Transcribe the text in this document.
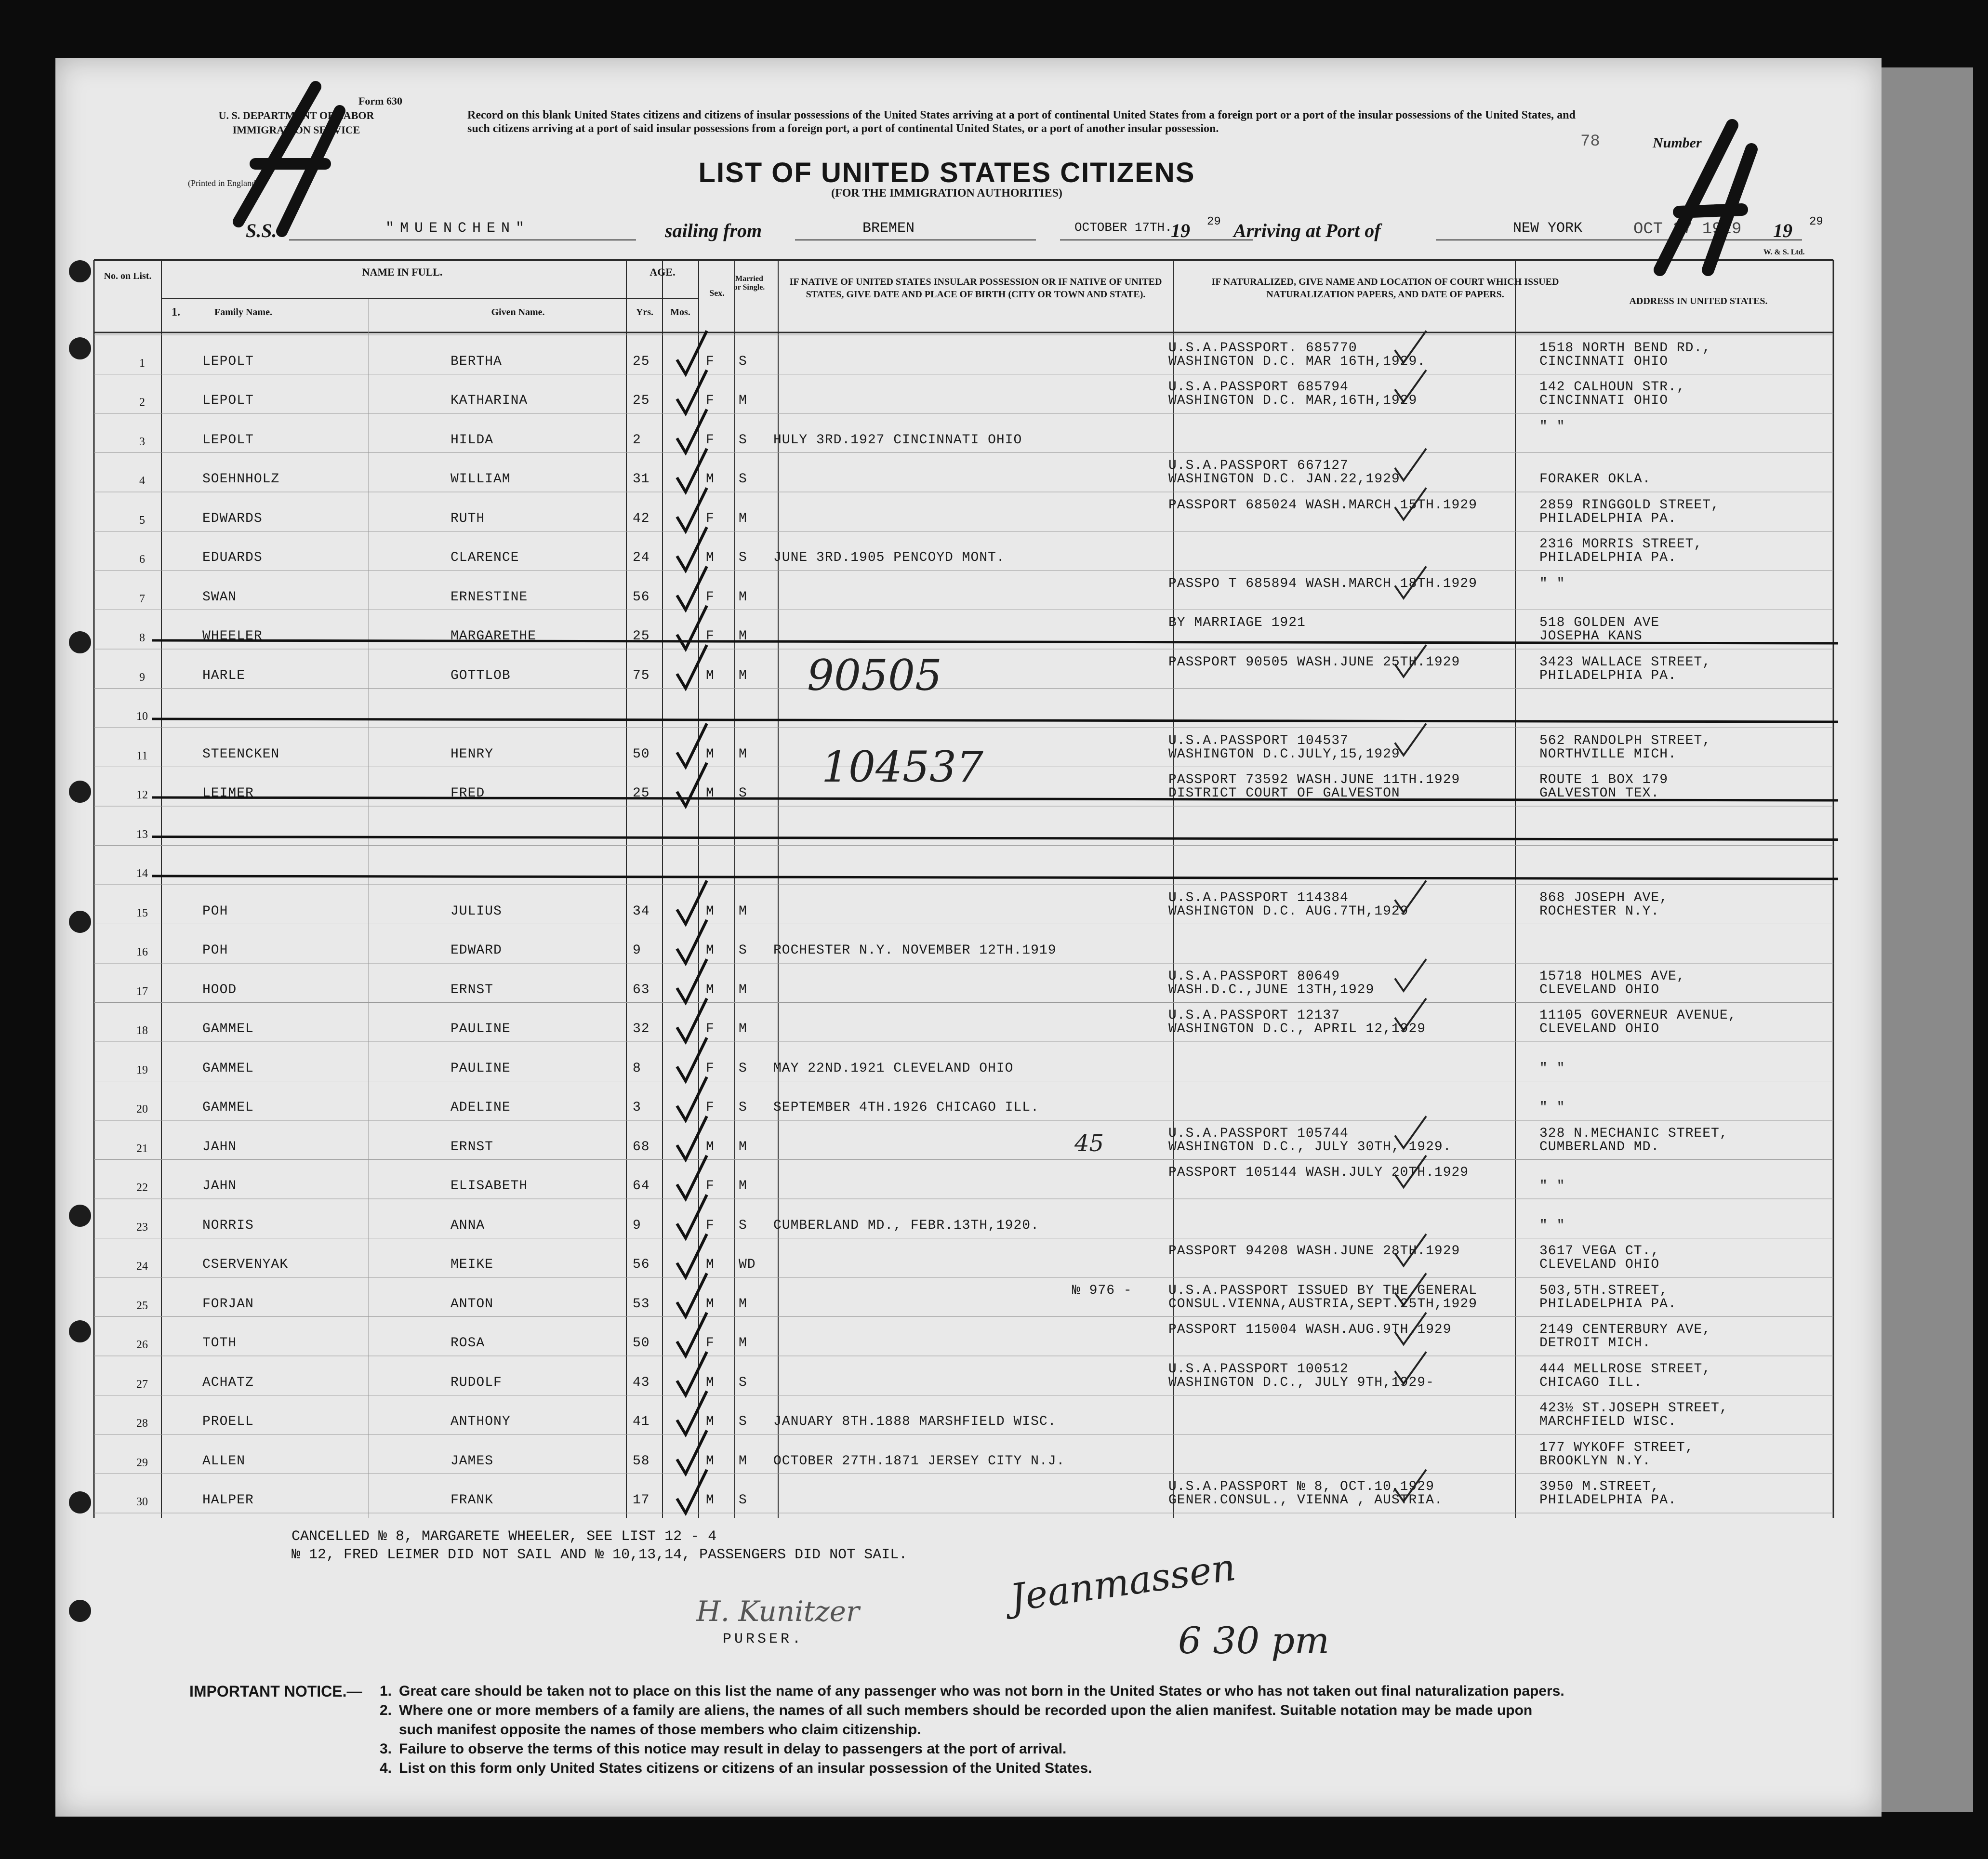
Form 630
U. S. DEPARTMENT OF LABOR
IMMIGRATION SERVICE
(Printed in England
Record on this blank United States citizens and citizens of insular possessions of the United States arriving at a port of continental United States from a foreign port or a port of the insular possessions of the United States, and such citizens arriving at a port of said insular possessions from a foreign port, a port of continental United States, or a port of another insular possession.
LIST OF UNITED STATES CITIZENS
(FOR THE IMMIGRATION AUTHORITIES)
78	Number
S.S.	"MUENCHEN"	sailing from	BREMEN	OCTOBER 17TH.
19 29 Arriving at Port of	NEW YORK	OCT 27 1929 19 29
W. & S. Ltd.
No. on List.	NAME IN FULL.
1.	Family Name.	Given Name.
AGE.
Yrs.	Mos.
Sex.
Married or Single.
IF NATIVE OF UNITED STATES INSULAR POSSESSION OR IF NATIVE OF UNITED STATES, GIVE DATE AND PLACE OF BIRTH (CITY OR TOWN AND STATE).
IF NATURALIZED, GIVE NAME AND LOCATION OF COURT WHICH ISSUED NATURALIZATION PAPERS, AND DATE OF PAPERS.
ADDRESS IN UNITED STATES.
1	LEPOLT	BERTHA	25	F S
U.S.A.PASSPORT. 685770
WASHINGTON D.C. MAR 16TH,1929.
1518 NORTH BEND RD.,
CINCINNATI OHIO
2	LEPOLT	KATHARINA	25	F M
U.S.A.PASSPORT 685794
WASHINGTON D.C. MAR,16TH,1929
142 CALHOUN STR.,
CINCINNATI OHIO
3	LEPOLT	HILDA	2	F S HULY 3RD.1927 CINCINNATI OHIO
" "
4	SOEHNHOLZ	WILLIAM	31	M S
U.S.A.PASSPORT 667127
WASHINGTON D.C. JAN.22,1929	FORAKER OKLA.
5	EDWARDS	RUTH	42	F M
PASSPORT 685024 WASH.MARCH 15TH.1929	2859 RINGGOLD STREET,
PHILADELPHIA PA.
6	EDUARDS	CLARENCE	24	M S JUNE 3RD.1905 PENCOYD MONT.
2316 MORRIS STREET,
PHILADELPHIA PA.
7	SWAN	ERNESTINE	56	F M
PASSPO T 685894 WASH.MARCH 18TH.1929	" "
8	WHEELER	MARGARETHE	25	F M
BY MARRIAGE 1921	518 GOLDEN AVE
JOSEPHA KANS
9	HARLE	GOTTLOB	75	M M
PASSPORT 90505 WASH.JUNE 25TH.1929	3423 WALLACE STREET,
PHILADELPHIA PA.
10
11	STEENCKEN	HENRY	50	M M
U.S.A.PASSPORT 104537
WASHINGTON D.C.JULY,15,1929
562 RANDOLPH STREET,
NORTHVILLE MICH.
12	LEIMER	FRED	25	M S
PASSPORT 73592 WASH.JUNE 11TH.1929
DISTRICT COURT OF GALVESTON
ROUTE 1 BOX 179
GALVESTON TEX.
13
14
15	POH	JULIUS	34	M M
U.S.A.PASSPORT 114384
WASHINGTON D.C. AUG.7TH,1929
868 JOSEPH AVE,
ROCHESTER N.Y.
16	POH	EDWARD	9	M S ROCHESTER N.Y. NOVEMBER 12TH.1919
17	HOOD	ERNST	63	M M
U.S.A.PASSPORT 80649
WASH.D.C.,JUNE 13TH,1929
15718 HOLMES AVE,
CLEVELAND OHIO
18	GAMMEL	PAULINE	32	F M
U.S.A.PASSPORT 12137
WASHINGTON D.C., APRIL 12,1929
11105 GOVERNEUR AVENUE,
CLEVELAND OHIO
19	GAMMEL	PAULINE	8	F S MAY 22ND.1921 CLEVELAND OHIO	" "
20	GAMMEL	ADELINE	3	F S SEPTEMBER 4TH.1926 CHICAGO ILL.	" "
21	JAHN	ERNST	68	M M
U.S.A.PASSPORT 105744
WASHINGTON D.C., JULY 30TH, 1929.
328 N.MECHANIC STREET,
CUMBERLAND MD.
22	JAHN	ELISABETH	64	F M
PASSPORT 105144 WASH.JULY 20TH.1929
" "
23	NORRIS	ANNA	9	F S CUMBERLAND MD., FEBR.13TH,1920.	" "
24	CSERVENYAK	MEIKE	56	M WD
PASSPORT 94208 WASH.JUNE 28TH.1929	3617 VEGA CT.,
CLEVELAND OHIO
25	FORJAN	ANTON	53	M M
U.S.A.PASSPORT ISSUED BY THE GENERAL
CONSUL.VIENNA,AUSTRIA,SEPT.25TH,1929
№ 976 -	503,5TH.STREET,
PHILADELPHIA PA.
26	TOTH	ROSA	50	F M
PASSPORT 115004 WASH.AUG.9TH.1929	2149 CENTERBURY AVE,
DETROIT MICH.
27	ACHATZ	RUDOLF	43	M S
U.S.A.PASSPORT 100512
WASHINGTON D.C., JULY 9TH,1929-
444 MELLROSE STREET,
CHICAGO ILL.
28	PROELL	ANTHONY	41	M S JANUARY 8TH.1888 MARSHFIELD WISC.
423½ ST.JOSEPH STREET,
MARCHFIELD WISC.
29	ALLEN	JAMES	58	M M OCTOBER 27TH.1871 JERSEY CITY N.J.
177 WYKOFF STREET,
BROOKLYN N.Y.
30	HALPER	FRANK	17	M S
U.S.A.PASSPORT № 8, OCT.10,1929
GENER.CONSUL., VIENNA , AUSTRIA.
3950 M.STREET,
PHILADELPHIA PA.
90505
104537
45
CANCELLED № 8, MARGARETE WHEELER, SEE LIST 12 - 4
№ 12, FRED LEIMER DID NOT SAIL AND № 10,13,14, PASSENGERS DID NOT SAIL.
H. Kunitzer
PURSER.
Jeanmassen
6 30 pm
IMPORTANT NOTICE.— 1. Great care should be taken not to place on this list the name of any passenger who was not born in the United States or who has not taken out final naturalization papers.
2. Where one or more members of a family are aliens, the names of all such members should be recorded upon the alien manifest. Suitable notation may be made upon
such manifest opposite the names of those members who claim citizenship.
3. Failure to observe the terms of this notice may result in delay to passengers at the port of arrival.
4. List on this form only United States citizens or citizens of an insular possession of the United States.
